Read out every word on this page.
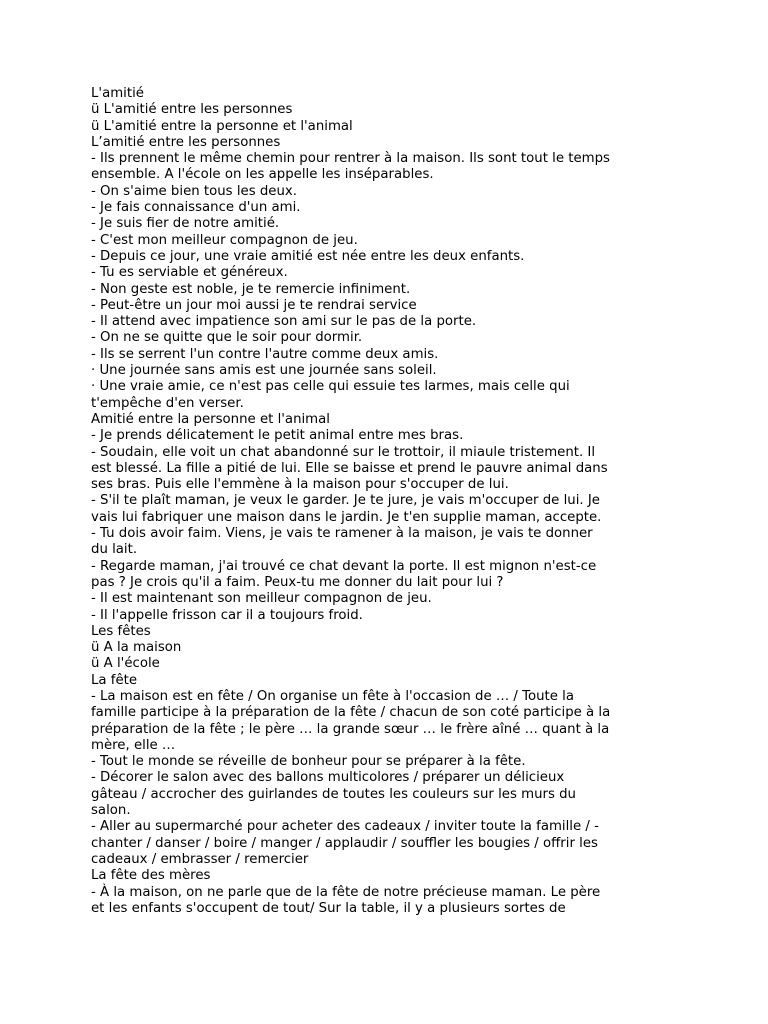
L'amitié
ü L'amitié entre les personnes
ü L'amitié entre la personne et l'animal
L’amitié entre les personnes
- Ils prennent le même chemin pour rentrer à la maison. Ils sont tout le temps
ensemble. A l'école on les appelle les inséparables.
- On s'aime bien tous les deux.
- Je fais connaissance d'un ami.
- Je suis fier de notre amitié.
- C'est mon meilleur compagnon de jeu.
- Depuis ce jour, une vraie amitié est née entre les deux enfants.
- Tu es serviable et généreux.
- Non geste est noble, je te remercie infiniment.
- Peut-être un jour moi aussi je te rendrai service
- Il attend avec impatience son ami sur le pas de la porte.
- On ne se quitte que le soir pour dormir.
- Ils se serrent l'un contre l'autre comme deux amis.
· Une journée sans amis est une journée sans soleil.
· Une vraie amie, ce n'est pas celle qui essuie tes larmes, mais celle qui
t'empêche d'en verser.
Amitié entre la personne et l'animal
- Je prends délicatement le petit animal entre mes bras.
- Soudain, elle voit un chat abandonné sur le trottoir, il miaule tristement. Il
est blessé. La fille a pitié de lui. Elle se baisse et prend le pauvre animal dans
ses bras. Puis elle l'emmène à la maison pour s'occuper de lui.
- S'il te plaît maman, je veux le garder. Je te jure, je vais m'occuper de lui. Je
vais lui fabriquer une maison dans le jardin. Je t'en supplie maman, accepte.
- Tu dois avoir faim. Viens, je vais te ramener à la maison, je vais te donner
du lait.
- Regarde maman, j'ai trouvé ce chat devant la porte. Il est mignon n'est-ce
pas ? Je crois qu'il a faim. Peux-tu me donner du lait pour lui ?
- Il est maintenant son meilleur compagnon de jeu.
- Il l'appelle frisson car il a toujours froid.
Les fêtes
ü A la maison
ü A l'école
La fête
- La maison est en fête / On organise un fête à l'occasion de … / Toute la
famille participe à la préparation de la fête / chacun de son coté participe à la
préparation de la fête ; le père … la grande sœur … le frère aîné … quant à la
mère, elle …
- Tout le monde se réveille de bonheur pour se préparer à la fête.
- Décorer le salon avec des ballons multicolores / préparer un délicieux
gâteau / accrocher des guirlandes de toutes les couleurs sur les murs du
salon.
- Aller au supermarché pour acheter des cadeaux / inviter toute la famille / -
chanter / danser / boire / manger / applaudir / souffler les bougies / offrir les
cadeaux / embrasser / remercier
La fête des mères
- À la maison, on ne parle que de la fête de notre précieuse maman. Le père
et les enfants s'occupent de tout/ Sur la table, il y a plusieurs sortes de
